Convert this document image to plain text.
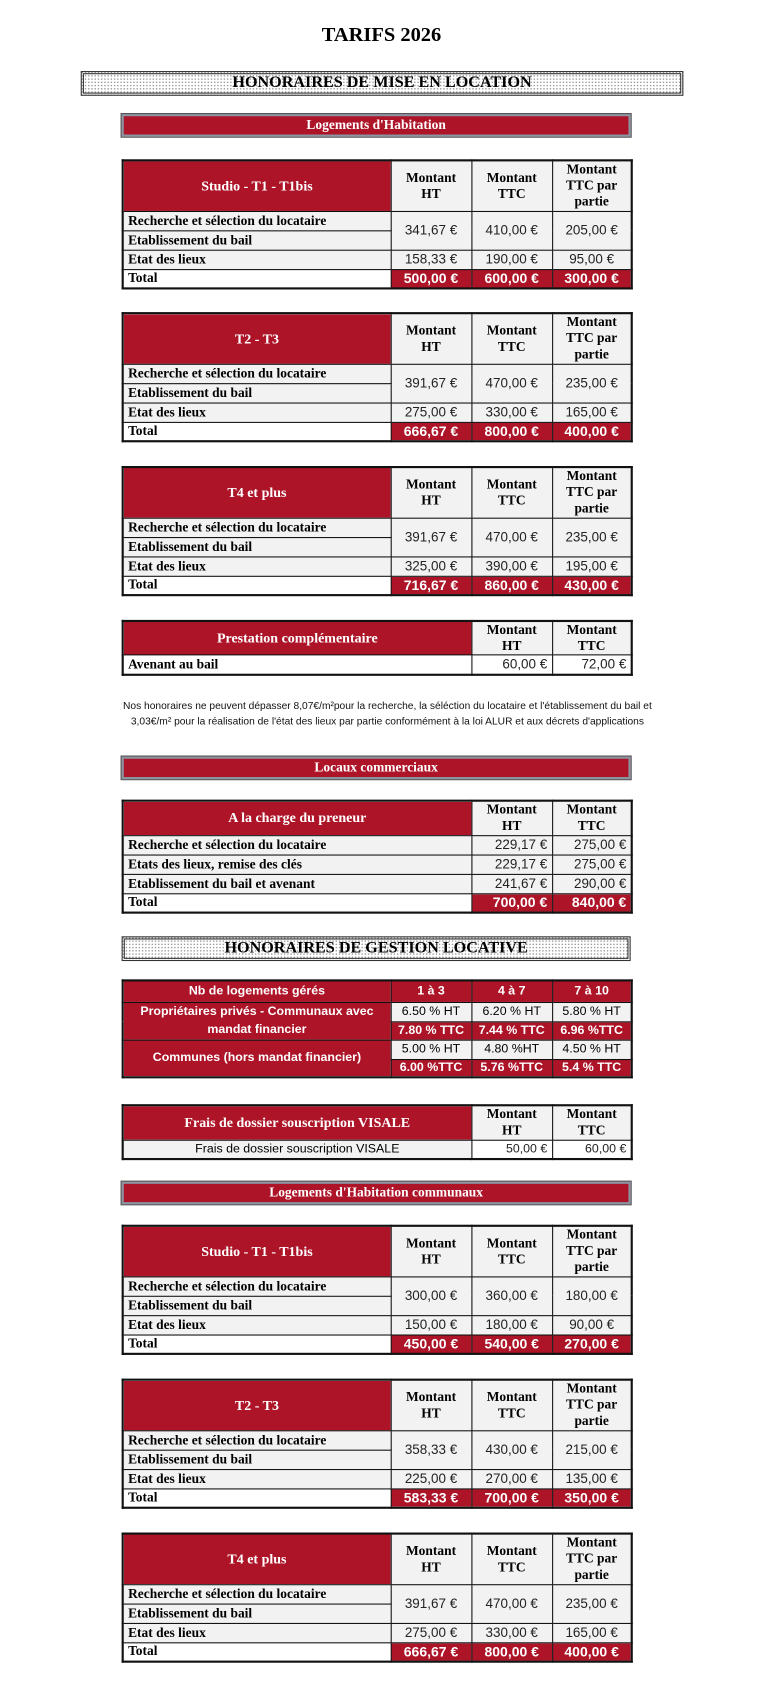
TARIFS 2026
HONORAIRES DE MISE EN LOCATION
Logements d'Habitation
Nos honoraires ne peuvent dépasser 8,07€/m²pour la recherche, la séléction du locataire et l'établissement du bail et
3,03€/m² pour la réalisation de l'état des lieux par partie conformément à la loi ALUR et aux décrets d'applications
Locaux commerciaux
HONORAIRES DE GESTION LOCATIVE
Logements d'Habitation communaux
Studio - T1 - T1bis	Montant HT	Montant TTC	Montant TTC par partie
Recherche et sélection du locataire	341,67 €	410,00 €	205,00 €
Etablissement du bail			
Etat des lieux	158,33 €	190,00 €	95,00 €
Total	500,00 €	600,00 €	300,00 €
T2 - T3	Montant HT	Montant TTC	Montant TTC par partie
Recherche et sélection du locataire	391,67 €	470,00 €	235,00 €
Etablissement du bail			
Etat des lieux	275,00 €	330,00 €	165,00 €
Total	666,67 €	800,00 €	400,00 €
T4 et plus	Montant HT	Montant TTC	Montant TTC par partie
Recherche et sélection du locataire	391,67 €	470,00 €	235,00 €
Etablissement du bail			
Etat des lieux	325,00 €	390,00 €	195,00 €
Total	716,67 €	860,00 €	430,00 €
Studio - T1 - T1bis	Montant HT	Montant TTC	Montant TTC par partie
Recherche et sélection du locataire	300,00 €	360,00 €	180,00 €
Etablissement du bail			
Etat des lieux	150,00 €	180,00 €	90,00 €
Total	450,00 €	540,00 €	270,00 €
T2 - T3	Montant HT	Montant TTC	Montant TTC par partie
Recherche et sélection du locataire	358,33 €	430,00 €	215,00 €
Etablissement du bail			
Etat des lieux	225,00 €	270,00 €	135,00 €
Total	583,33 €	700,00 €	350,00 €
T4 et plus	Montant HT	Montant TTC	Montant TTC par partie
Recherche et sélection du locataire	391,67 €	470,00 €	235,00 €
Etablissement du bail			
Etat des lieux	275,00 €	330,00 €	165,00 €
Total	666,67 €	800,00 €	400,00 €
Prestation complémentaire	Montant HT	Montant TTC
Avenant au bail	60,00 €	72,00 €
A la charge du preneur	Montant HT	Montant TTC
Recherche et sélection du locataire	229,17 €	275,00 €
Etats des lieux, remise des clés	229,17 €	275,00 €
Etablissement du bail et avenant	241,67 €	290,00 €
Total	700,00 €	840,00 €
Nb de logements gérés	1 à 3	4 à 7	7 à 10
Propriétaires privés - Communaux avec mandat financier	6.50 % HT	6.20 % HT	5.80 % HT
	7.80 % TTC	7.44 % TTC	6.96 %TTC
Communes (hors mandat financier)	5.00 % HT	4.80 %HT	4.50 % HT
	6.00 %TTC	5.76 %TTC	5.4 % TTC
Frais de dossier souscription VISALE	Montant HT	Montant TTC
Frais de dossier souscription VISALE	50,00 €	60,00 €
